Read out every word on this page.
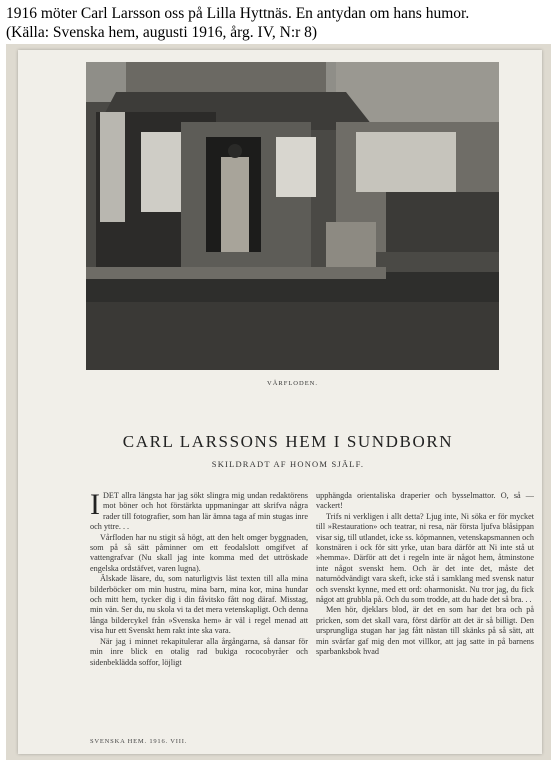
1916 möter Carl Larsson oss på Lilla Hyttnäs. En antydan om hans humor.
(Källa: Svenska hem, augusti 1916, årg. IV, N:r 8)
VÅRFLODEN.
CARL LARSSONS HEM I SUNDBORN
SKILDRADT AF HONOM SJÄLF.

I DET allra längsta har jag sökt slingra mig undan redaktörens mot böner och hot förstärkta uppmaningar att skrifva några rader till fotografier, som han lär ämna taga af min stugas inre och yttre. . .

Vårfloden har nu stigit så högt, att den helt omger byggnaden, som på så sätt påminner om ett feodalslott omgifvet af vattengrafvar (Nu skall jag inte komma med det uttröskade engelska ordstäfvet, varen lugna).

Älskade läsare, du, som naturligtvis läst texten till alla mina bilderböcker om min hustru, mina barn, mina kor, mina hundar och mitt hem, tycker dig i din fåvitsko fått nog däraf. Misstag, min vän. Ser du, nu skola vi ta det mera vetenskapligt. Och denna långa bildercykel från »Svenska hem» är väl i regel menad att visa hur ett Svenskt hem rakt inte ska vara.

När jag i minnet rekapitulerar alla årgångarna, så dansar för min inre blick en otalig rad bukiga rococobyråer och sidenbeklädda soffor, löjligt

upphängda orientaliska draperier och bysselmattor. O, så — vackert!

Trifs ni verkligen i allt detta? Ljug inte, Ni söka er för mycket till »Restauration» och teatrar, ni resa, när första ljufva blåsippan visar sig, till utlandet, icke ss. köpmannen, vetenskapsmannen och konstnären i ock för sitt yrke, utan bara därför att Ni inte stå ut »hemma». Därför att det i regeln inte är något hem, åtminstone inte något svenskt hem. Och är det inte det, måste det naturnödvändigt vara skeft, icke stå i samklang med svensk natur och svenskt kynne, med ett ord: oharmoniskt. Nu tror jag, du fick något att grubbla på. Och du som trodde, att du hade det så bra. . .

Men hör, djeklars blod, är det en som har det bra och på pricken, som det skall vara, först därför att det är så billigt. Den ursprungliga stugan har jag fått nästan till skänks på så sätt, att min svärfar gaf mig den mot villkor, att jag satte in på barnens sparbanksbok hvad

SVENSKA HEM. 1916. VIII.
